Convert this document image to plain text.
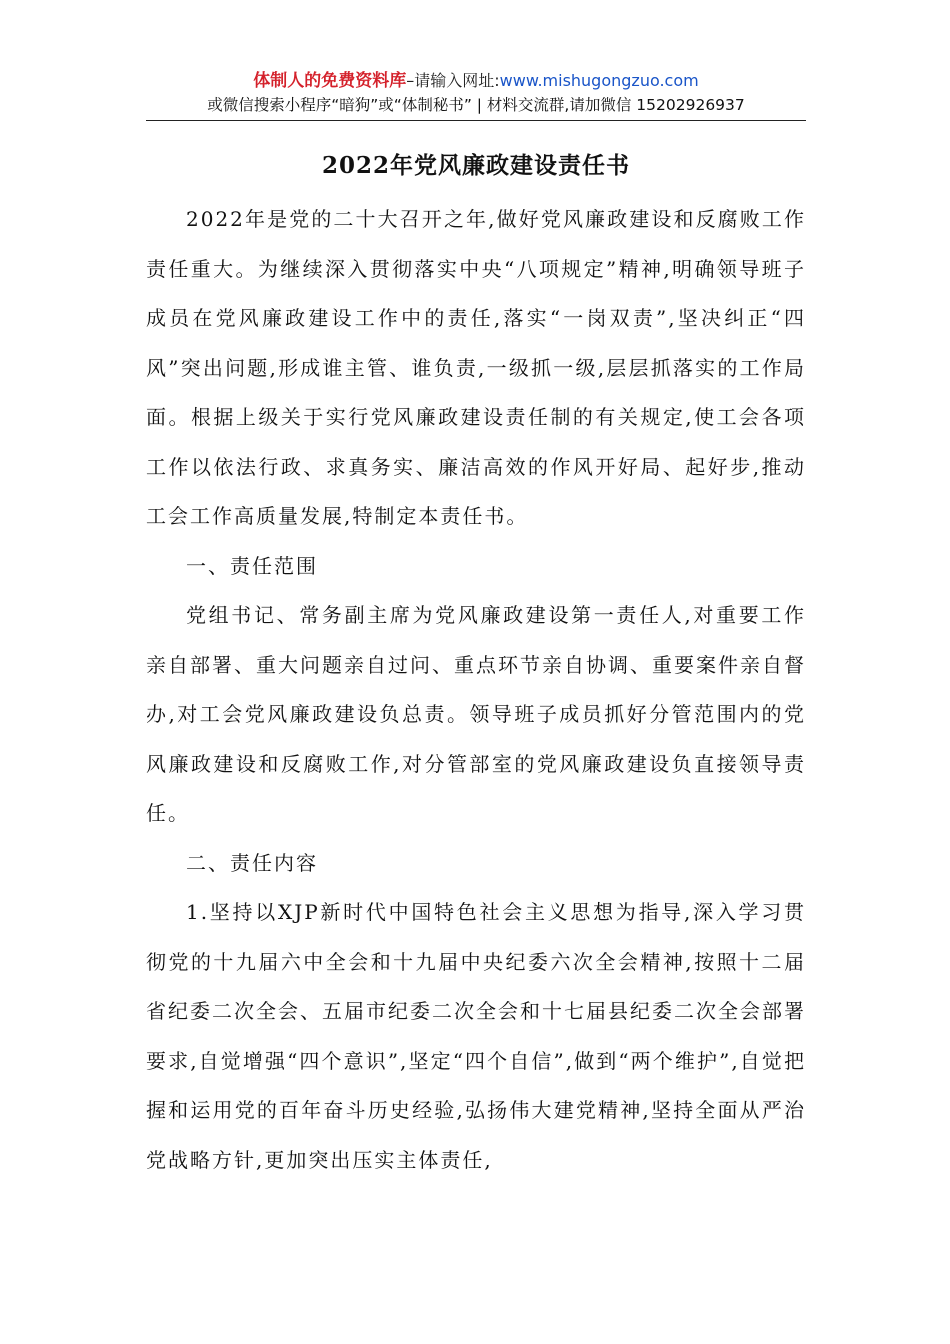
体制人的免费资料库–请输入网址:www.mishugongzuo.com
或微信搜索小程序“暗狗”或“体制秘书” | 材料交流群,请加微信 15202926937
2022年党风廉政建设责任书

2022年是党的二十大召开之年,做好党风廉政建设和反腐败工作责任重大。为继续深入贯彻落实中央“八项规定”精神,明确领导班子成员在党风廉政建设工作中的责任,落实“一岗双责”,坚决纠正“四风”突出问题,形成谁主管、谁负责,一级抓一级,层层抓落实的工作局面。根据上级关于实行党风廉政建设责任制的有关规定,使工会各项工作以依法行政、求真务实、廉洁高效的作风开好局、起好步,推动工会工作高质量发展,特制定本责任书。

一、责任范围

党组书记、常务副主席为党风廉政建设第一责任人,对重要工作亲自部署、重大问题亲自过问、重点环节亲自协调、重要案件亲自督办,对工会党风廉政建设负总责。领导班子成员抓好分管范围内的党风廉政建设和反腐败工作,对分管部室的党风廉政建设负直接领导责任。

二、责任内容

1.坚持以XJP新时代中国特色社会主义思想为指导,深入学习贯彻党的十九届六中全会和十九届中央纪委六次全会精神,按照十二届省纪委二次全会、五届市纪委二次全会和十七届县纪委二次全会部署要求,自觉增强“四个意识”,坚定“四个自信”,做到“两个维护”,自觉把握和运用党的百年奋斗历史经验,弘扬伟大建党精神,坚持全面从严治党战略方针,更加突出压实主体责任,
